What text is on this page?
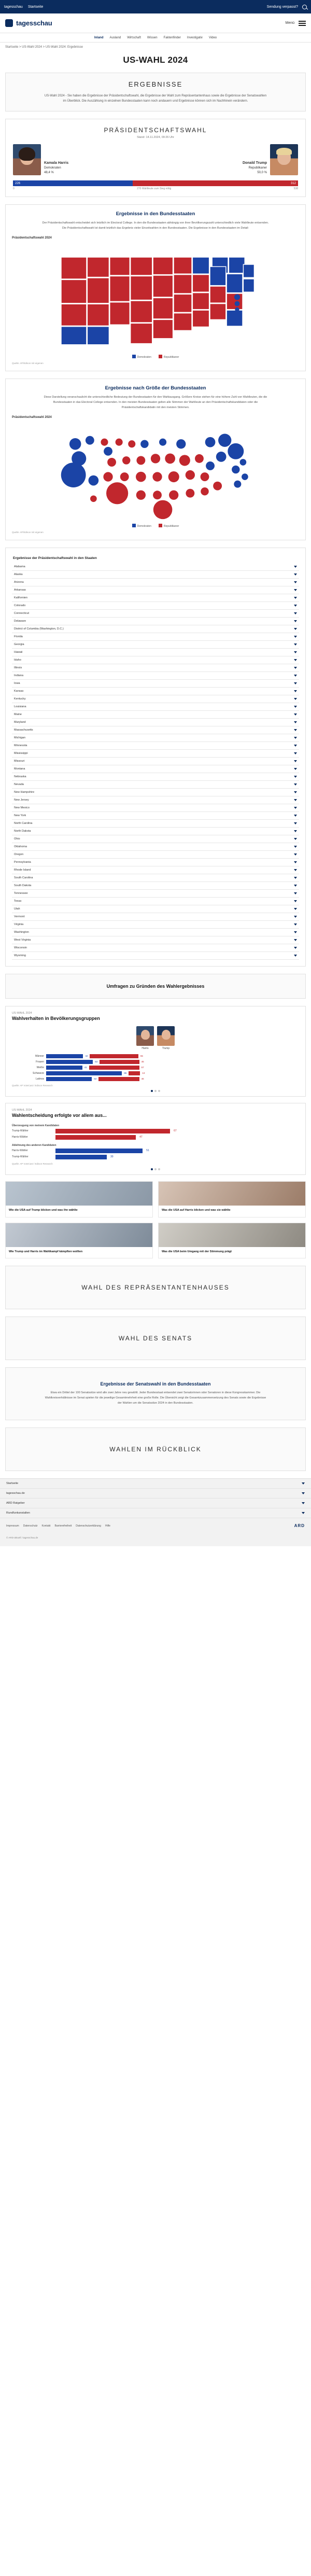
tagesschau Startseite	Sendung verpasst?
tagesschau	Menü
Inland Ausland Wirtschaft Wissen Faktenfinder Investigativ Video
Startseite > US-Wahl 2024 > US-Wahl 2024: Ergebnisse
US-WAHL 2024
ERGEBNISSE
US-Wahl 2024 - Sie haben die Ergebnisse der Präsidentschaftswahl, die Ergebnisse der Wahl zum Repräsentantenhaus sowie die Ergebnisse der Senatswahlen im Überblick. Die Auszählung in einzelnen Bundesstaaten kann noch andauern und Ergebnisse können sich im Nachhinein verändern.
PRÄSIDENTSCHAFTSWAHL
Stand: 14.11.2024, 09:26 Uhr
Kamala Harris
Demokraten
48,4 %
Donald Trump
Republikaner
50,0 %
226	312
0	270 Wahlleute zum Sieg nötig	538
Ergebnisse in den Bundesstaaten
Der Präsidentschaftswahl entscheidet sich letztlich im Electoral College. In den die Bundesstaaten abhängig von ihrer Bevölkerungszahl unterschiedlich viele Wahlleute entsenden. Die Präsidentschaftswahl ist damit letztlich das Ergebnis vieler Einzelwahlen in den Bundesstaaten. Die Ergebnisse in den Bundesstaaten im Detail:
Präsidentschaftswahl 2024
Demokraten	Republikaner
Quelle: AP/Edison mit eigenen
Ergebnisse nach Größe der Bundesstaaten
Diese Darstellung veranschaulicht die unterschiedliche Bedeutung der Bundesstaaten für den Wahlausgang. Größere Kreise stehen für eine höhere Zahl von Wahlleuten, die die Bundesstaaten in das Electoral College entsenden. In den meisten Bundesstaaten gelten alle Stimmen der Wahlleute an den Präsidentschaftskandidaten oder die Präsidentschaftskandidatin mit den meisten Stimmen.
Präsidentschaftswahl 2024
Demokraten	Republikaner
Quelle: AP/Edison mit eigenen
Ergebnisse der Präsidentschaftswahl in den Staaten
Alabama
Alaska
Arizona
Arkansas
Kalifornien
Colorado
Connecticut
Delaware
District of Columbia (Washington, D.C.)
Florida
Georgia
Hawaii
Idaho
Illinois
Indiana
Iowa
Kansas
Kentucky
Louisiana
Maine
Maryland
Massachusetts
Michigan
Minnesota
Mississippi
Missouri
Montana
Nebraska
Nevada
New Hampshire
New Jersey
New Mexico
New York
North Carolina
North Dakota
Ohio
Oklahoma
Oregon
Pennsylvania
Rhode Island
South Carolina
South Dakota
Tennessee
Texas
Utah
Vermont
Virginia
Washington
West Virginia
Wisconsin
Wyoming
Umfragen zu Gründen des Wahlergebnisses
US-WAHL 2024
Wahlverhalten in Bevölkerungsgruppen
Harris	Trump
Männer	42	55
Frauen	53	45
Weiße	41	57
Schwarze	86	13
Latinos	52	46
Quelle: AP VoteCast / Edison Research
US-WAHL 2024
Wahlentscheidung erfolgte vor allem aus...
Überzeugung von meinem Kandidaten
Trump-Wähler	67
Harris-Wähler	47
Ablehnung des anderen Kandidaten
Harris-Wähler	51
Trump-Wähler	30
Quelle: AP VoteCast / Edison Research
Wie die USA auf Trump blicken und was ihn wählte	Was die USA auf Harris blicken und was sie wählte
Wie Trump und Harris im Wahlkampf kämpften wollten	Was die USA beim Umgang mit der Stimmung prägt
WAHL DES REPRÄSENTANTENHAUSES
WAHL DES SENATS
Ergebnisse der Senatswahl in den Bundesstaaten
Etwa ein Drittel der 100 Senatssitze wird alle zwei Jahre neu gewählt. Jeder Bundesstaat entsendet zwei Senatorinnen oder Senatoren in diese Kongresskammer. Die Wahlkreisverhältnisse im Senat spielen für die jeweilige Gesamtmehrheit eine große Rolle. Die Übersicht zeigt die Gesamtzusammensetzung des Senats sowie die Ergebnisse der Wahlen um die Senatssitze 2024 in den Bundesstaaten.
WAHLEN IM RÜCKBLICK
Startseite
tagesschau.de
ARD Ratgeber
Rundfunkanstalten
Impressum Datenschutz Kontakt Barrierefreiheit Datenschutzerklärung Hilfe	ARD
© ARD-aktuell / tagesschau.de
